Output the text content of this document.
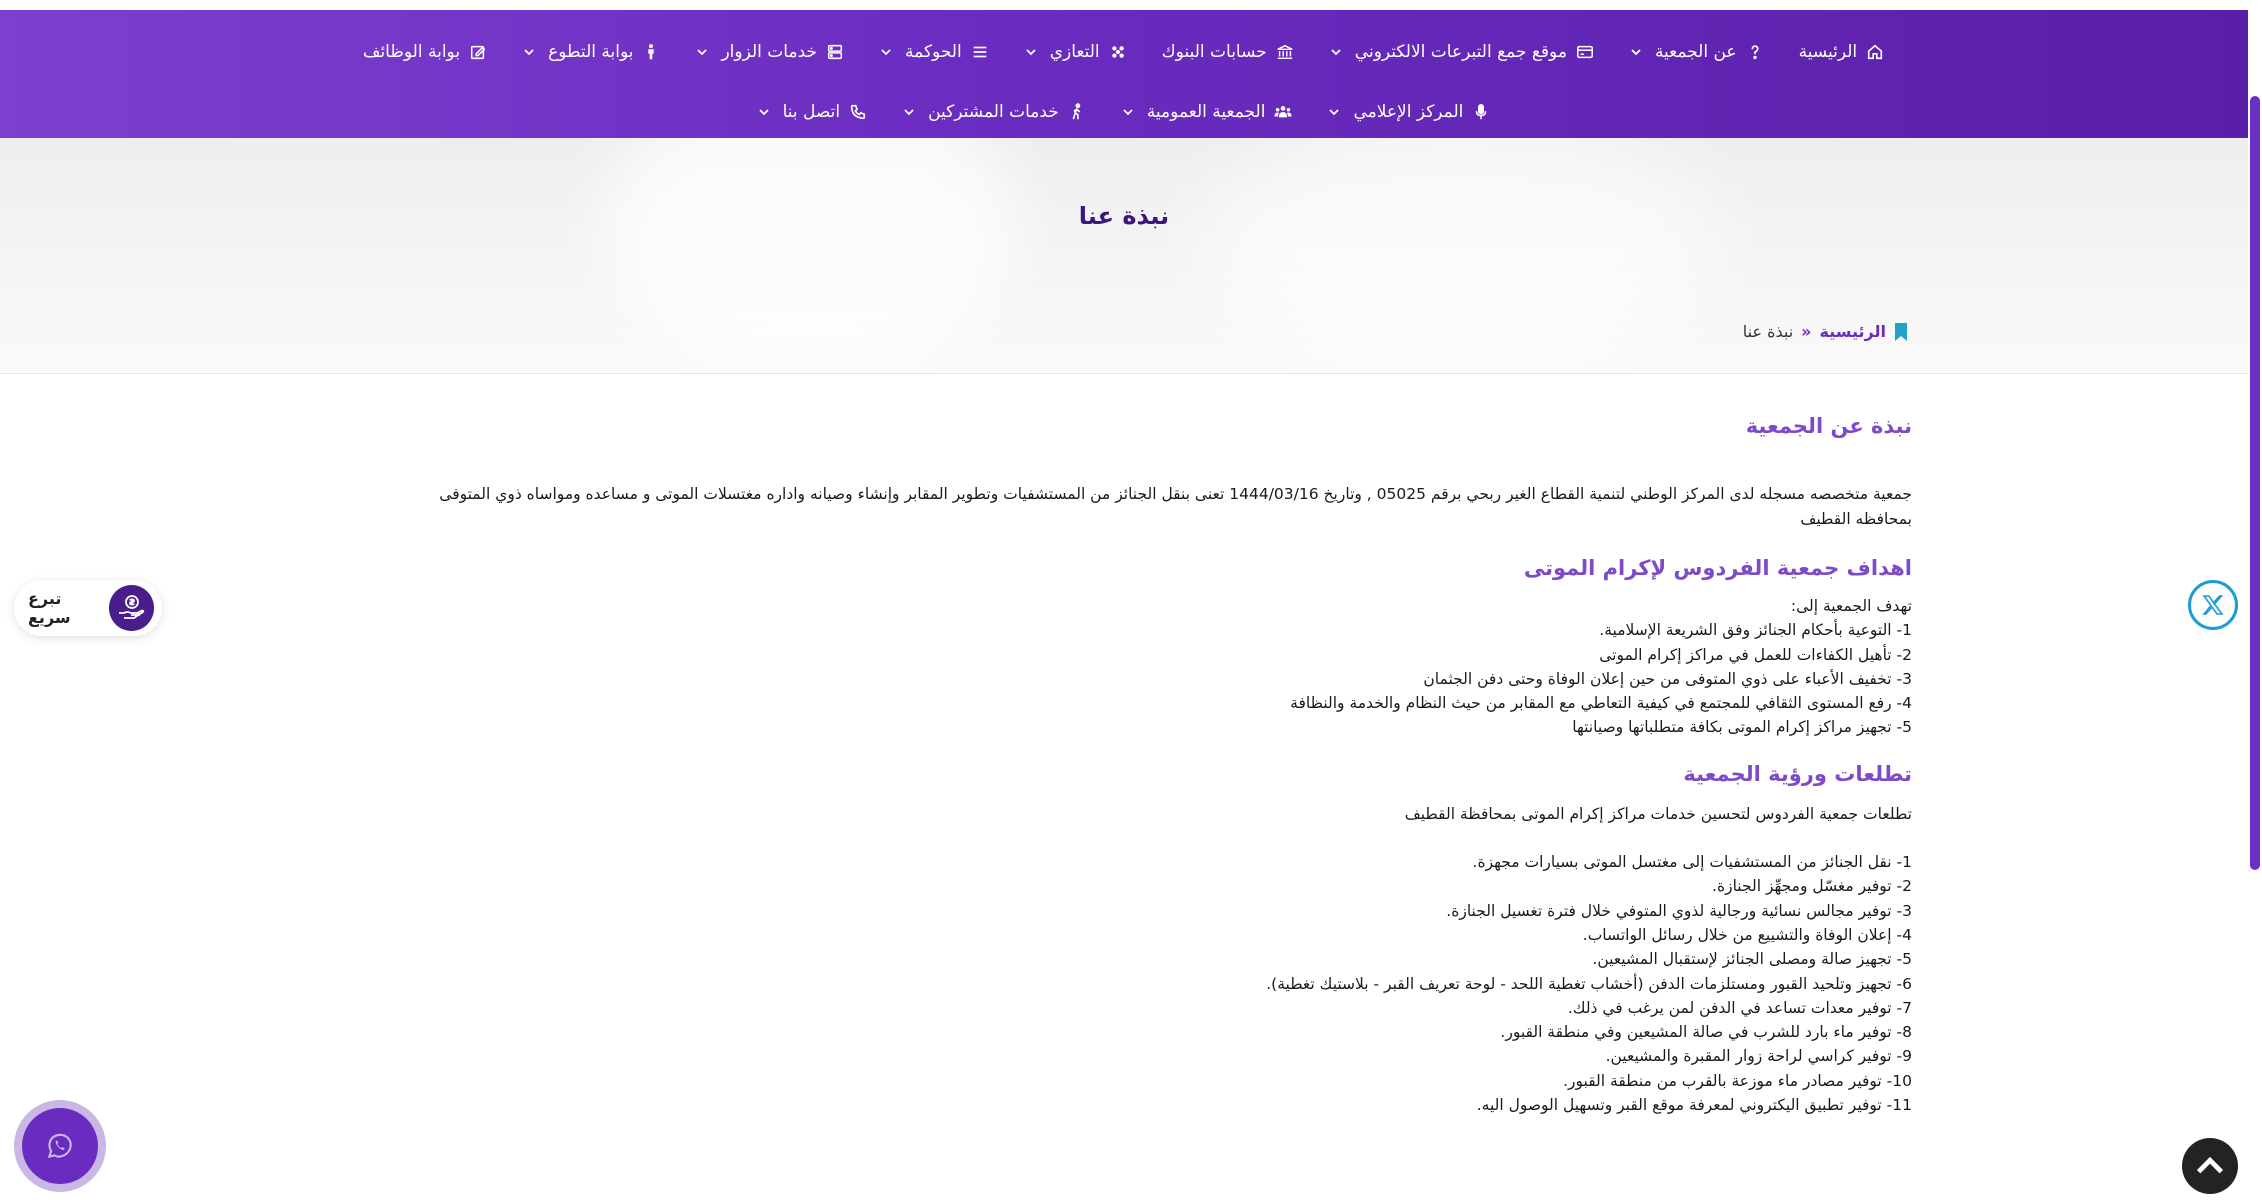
الرئيسية
عن الجمعية
موقع جمع التبرعات الالكتروني
حسابات البنوك
التعازي
الحوكمة
خدمات الزوار
بوابة التطوع
بوابة الوظائف
المركز الإعلامي
الجمعية العمومية
خدمات المشتركين
اتصل بنا
نبذة عنا
الرئيسية
»
نبذة عنا
نبذة عن الجمعية

جمعية متخصصه مسجله لدى المركز الوطني لتنمية القطاع الغير ربحي برقم 05025 , وتاريخ 1444/03/16 تعنى بنقل الجنائز من المستشفيات وتطوير المقابر وإنشاء وصيانه واداره مغتسلات الموتى و مساعده ومواساه ذوي المتوفى

بمحافظه القطيف

اهداف جمعية الفردوس لإكرام الموتى
تهدف الجمعية إلى:
1- التوعية بأحكام الجنائز وفق الشريعة الإسلامية.
2- تأهيل الكفاءات للعمل في مراكز إكرام الموتى
3- تخفيف الأعباء على ذوي المتوفى من حين إعلان الوفاة وحتى دفن الجثمان
4- رفع المستوى الثقافي للمجتمع في كيفية التعاطي مع المقابر من حيث النظام والخدمة والنظافة
5- تجهيز مراكز إكرام الموتى بكافة متطلباتها وصيانتها
تطلعات ورؤية الجمعية
تطلعات جمعية الفردوس لتحسين خدمات مراكز إكرام الموتى بمحافظة القطيف
1- نقل الجنائز من المستشفيات إلى مغتسل الموتى بسيارات مجهزة.
2- توفير مغسّل ومجهِّز الجنازة.
3- توفير مجالس نسائية ورجالية لذوي المتوفي خلال فترة تغسيل الجنازة.
4- إعلان الوفاة والتشييع من خلال رسائل الواتساب.
5- تجهيز صالة ومصلى الجنائز لإستقبال المشيعين.
6- تجهيز وتلحيد القبور ومستلزمات الدفن (أخشاب تغطية اللحد - لوحة تعريف القبر - بلاستيك تغطية).
7- توفير معدات تساعد في الدفن لمن يرغب في ذلك.
8- توفير ماء بارد للشرب في صالة المشيعين وفي منطقة القبور.
9- توفير كراسي لراحة زوار المقبرة والمشيعين.
10- توفير مصادر ماء موزعة بالقرب من منطقة القبور.
11- توفير تطبيق اليكتروني لمعرفة موقع القبر وتسهيل الوصول اليه.
تبرع سريع
